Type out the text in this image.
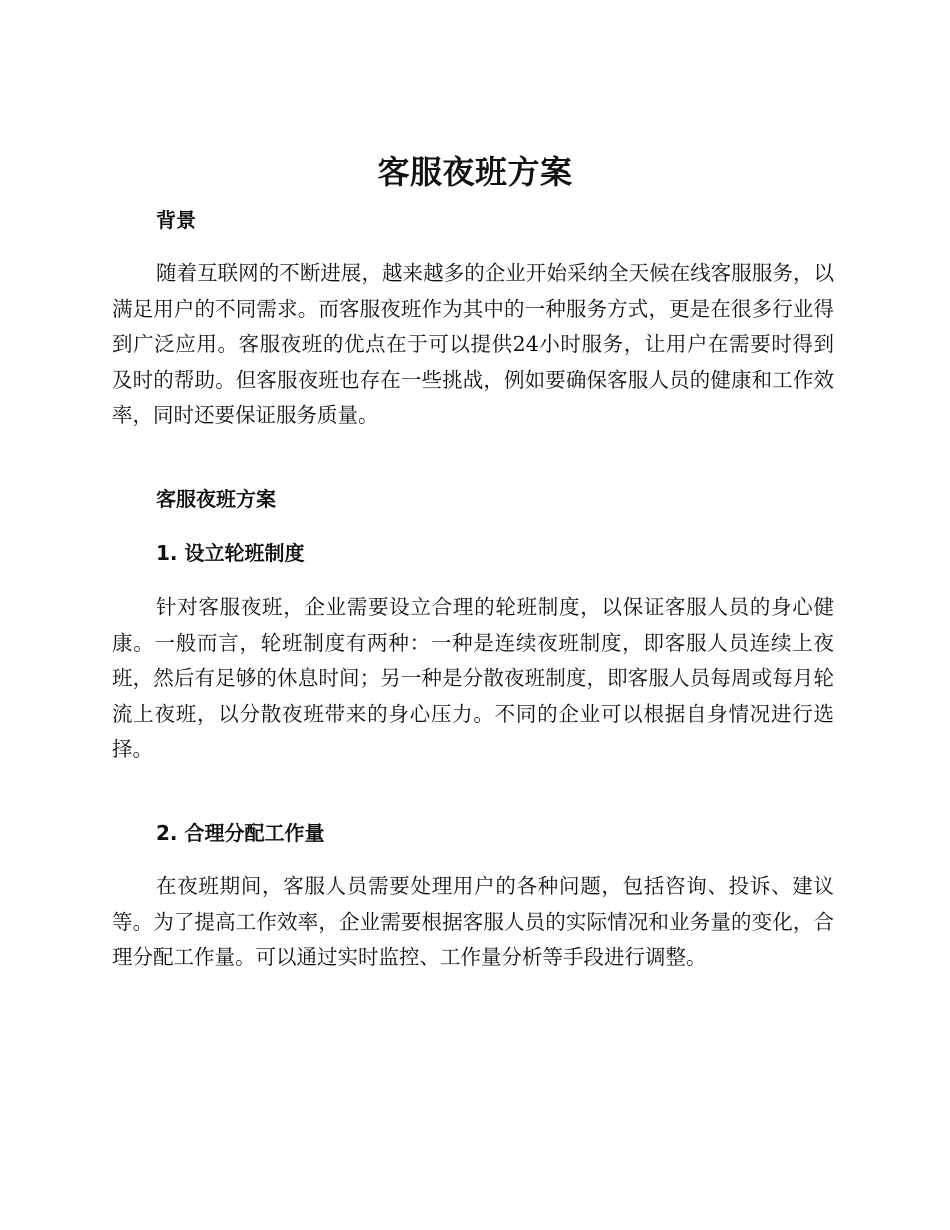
客服夜班方案
背景

随着互联网的不断进展，越来越多的企业开始采纳全天候在线客服服务，以满足用户的不同需求。而客服夜班作为其中的一种服务方式，更是在很多行业得到广泛应用。客服夜班的优点在于可以提供24小时服务，让用户在需要时得到及时的帮助。但客服夜班也存在一些挑战，例如要确保客服人员的健康和工作效率，同时还要保证服务质量。

客服夜班方案
1. 设立轮班制度

针对客服夜班，企业需要设立合理的轮班制度，以保证客服人员的身心健康。一般而言，轮班制度有两种：一种是连续夜班制度，即客服人员连续上夜班，然后有足够的休息时间；另一种是分散夜班制度，即客服人员每周或每月轮流上夜班，以分散夜班带来的身心压力。不同的企业可以根据自身情况进行选择。

2. 合理分配工作量

在夜班期间，客服人员需要处理用户的各种问题，包括咨询、投诉、建议等。为了提高工作效率，企业需要根据客服人员的实际情况和业务量的变化，合理分配工作量。可以通过实时监控、工作量分析等手段进行调整。
